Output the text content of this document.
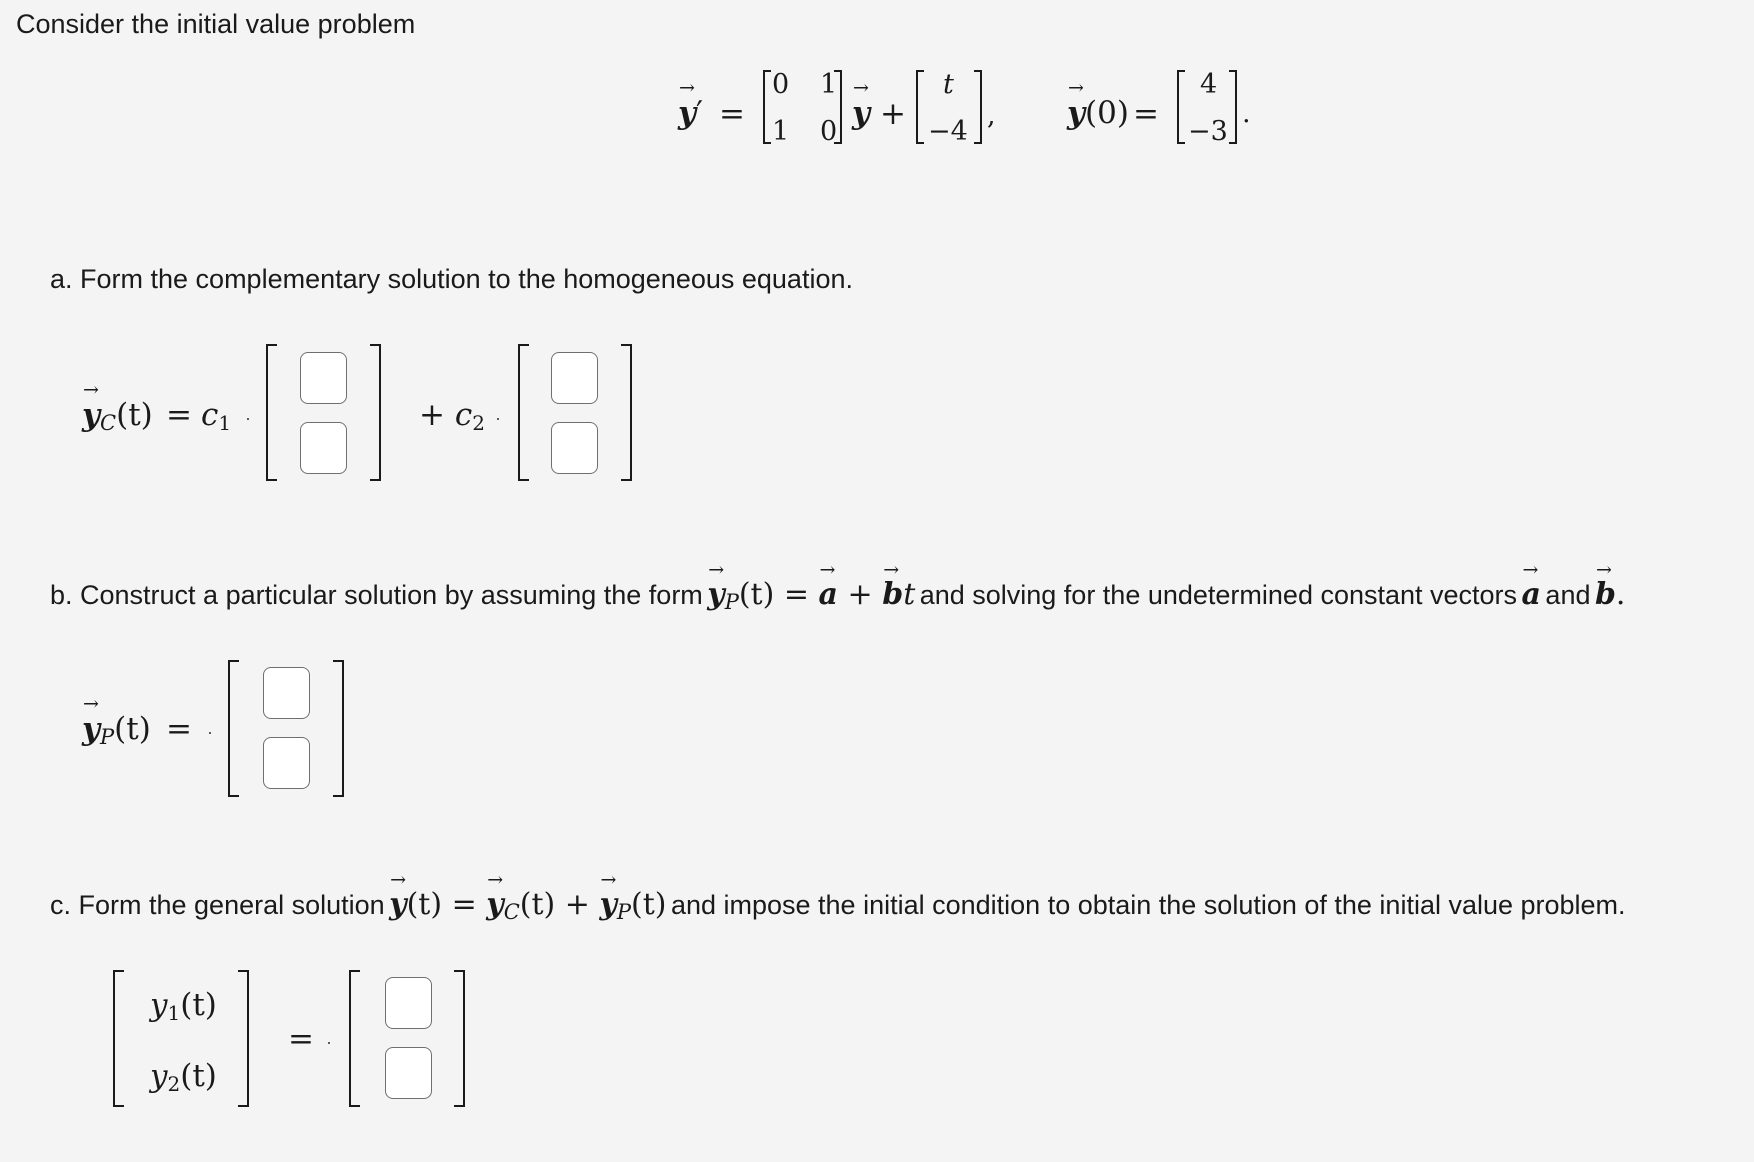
Consider the initial value problem
→ y′ =
0 1
1 0
→ y +
t
−4
, → y(0) =
4
−3
.
a. Form the complementary solution to the homogeneous equation.
→ $y_C(t) = c1$ ·	+ c2 ·
b. Construct a particular solution by assuming the form → $y_P(t)$ = → a + → bt and solving for the undetermined constant vectors → a and → b.
→ $y_P(t)$ = ·
c. Form the general solution → y(t) = → $y_C(t)$ + → $y_P(t)$ and impose the initial condition to obtain the solution of the initial value problem.
y1(t)
y2(t)
= ·
